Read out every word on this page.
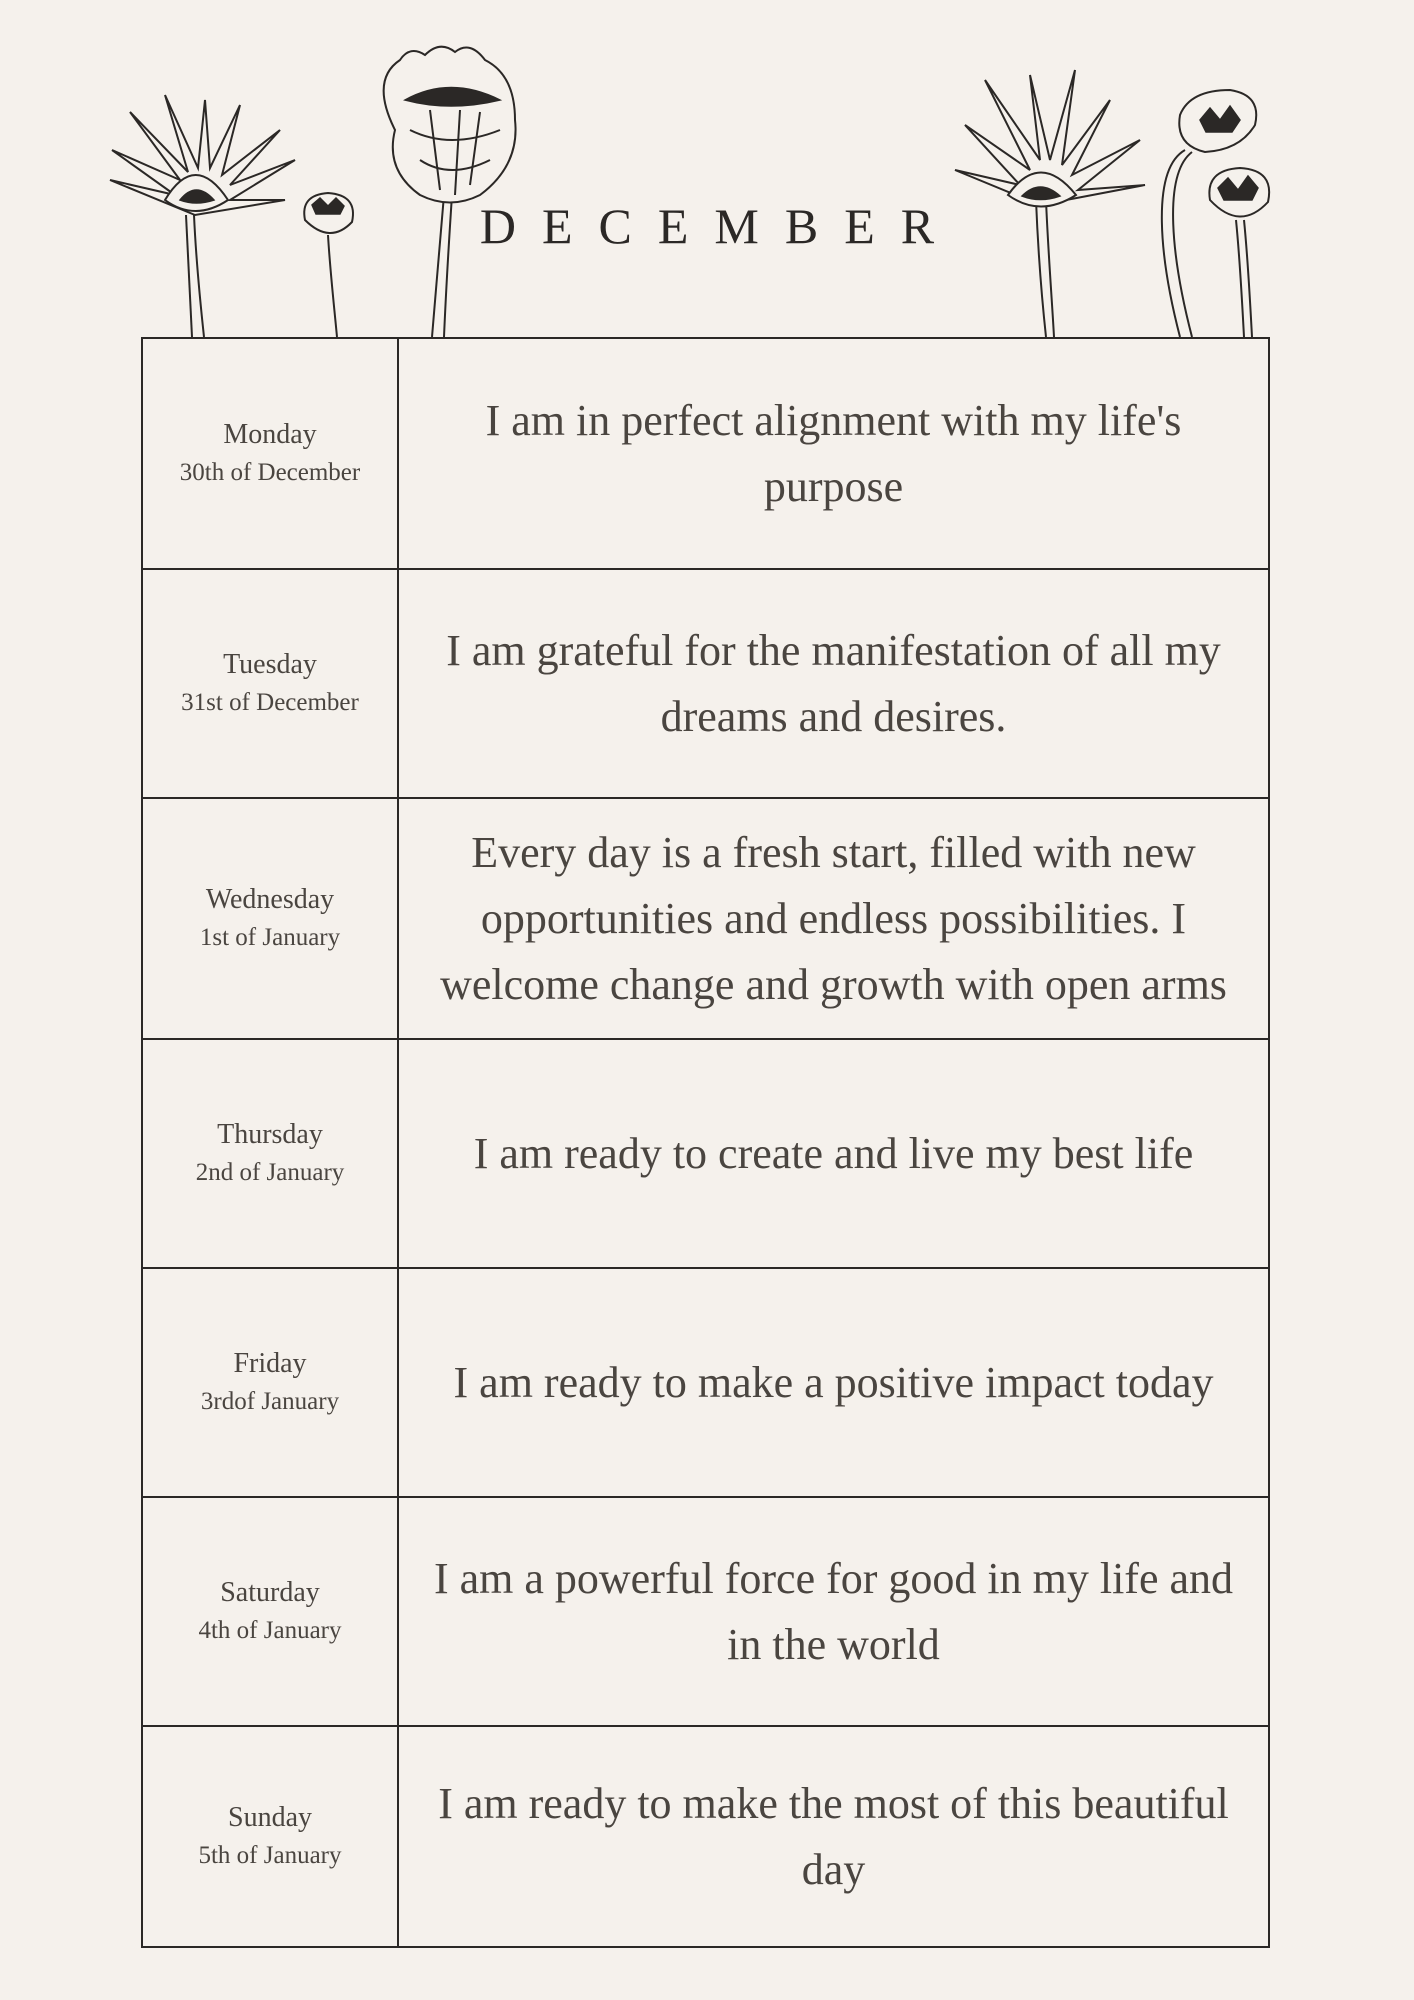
DECEMBER
Monday
30th of December
I am in perfect alignment with my life's purpose
Tuesday
31st of December
I am grateful for the manifestation of all my dreams and desires.
Wednesday
1st of January
Every day is a fresh start, filled with new opportunities and endless possibilities. I welcome change and growth with open arms
Thursday
2nd of January	I am ready to create and live my best life
Friday
3rdof January	I am ready to make a positive impact today
Saturday
4th of January
I am a powerful force for good in my life and in the world
Sunday
5th of January
I am ready to make the most of this beautiful day
